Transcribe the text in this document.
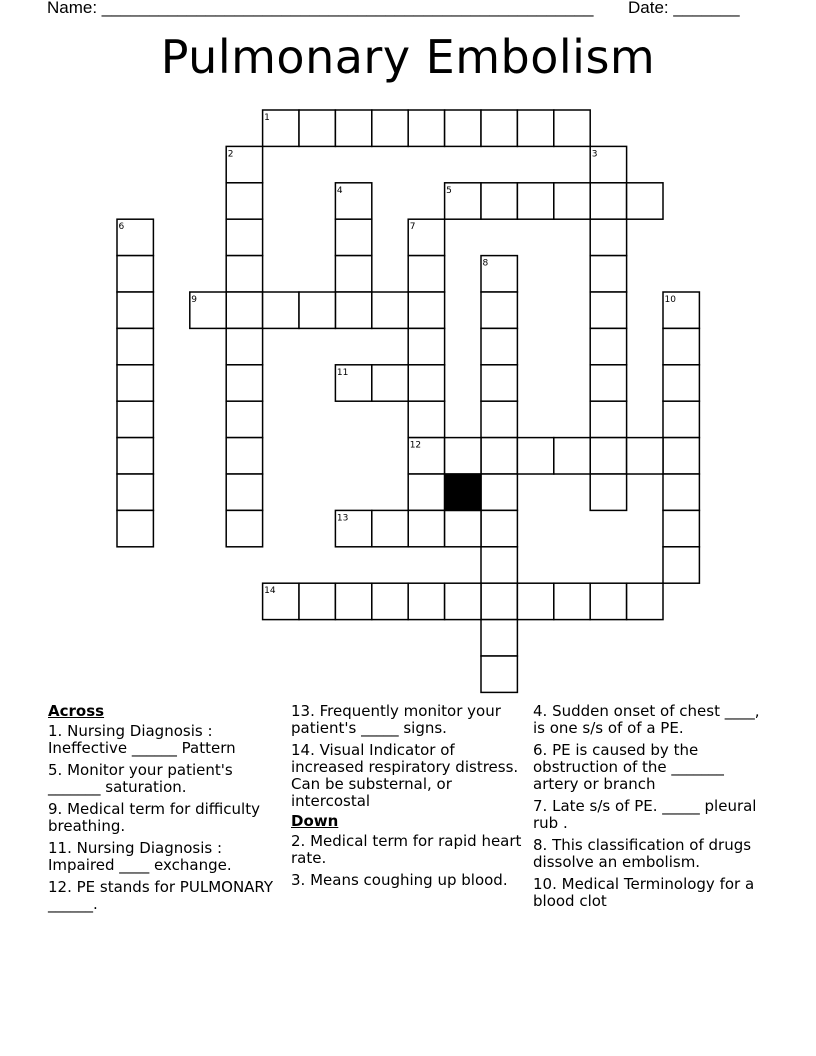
Name: ____________________________________________________ Date: _______
Pulmonary Embolism
1
2	3
4	5
6	7
8
9	10
11
12
13
14
Across
1. Nursing Diagnosis : Ineffective ______ Pattern
5. Monitor your patient's _______ saturation.
9. Medical term for difficulty breathing.
11. Nursing Diagnosis : Impaired ____ exchange.
12. PE stands for PULMONARY ______.
13. Frequently monitor your patient's _____ signs.
14. Visual Indicator of increased respiratory distress. Can be substernal, or intercostal
Down
2. Medical term for rapid heart rate.
3. Means coughing up blood.
4. Sudden onset of chest ____, is one s/s of of a PE.
6. PE is caused by the obstruction of the _______ artery or branch
7. Late s/s of PE. _____ pleural rub .
8. This classification of drugs dissolve an embolism.
10. Medical Terminology for a blood clot
